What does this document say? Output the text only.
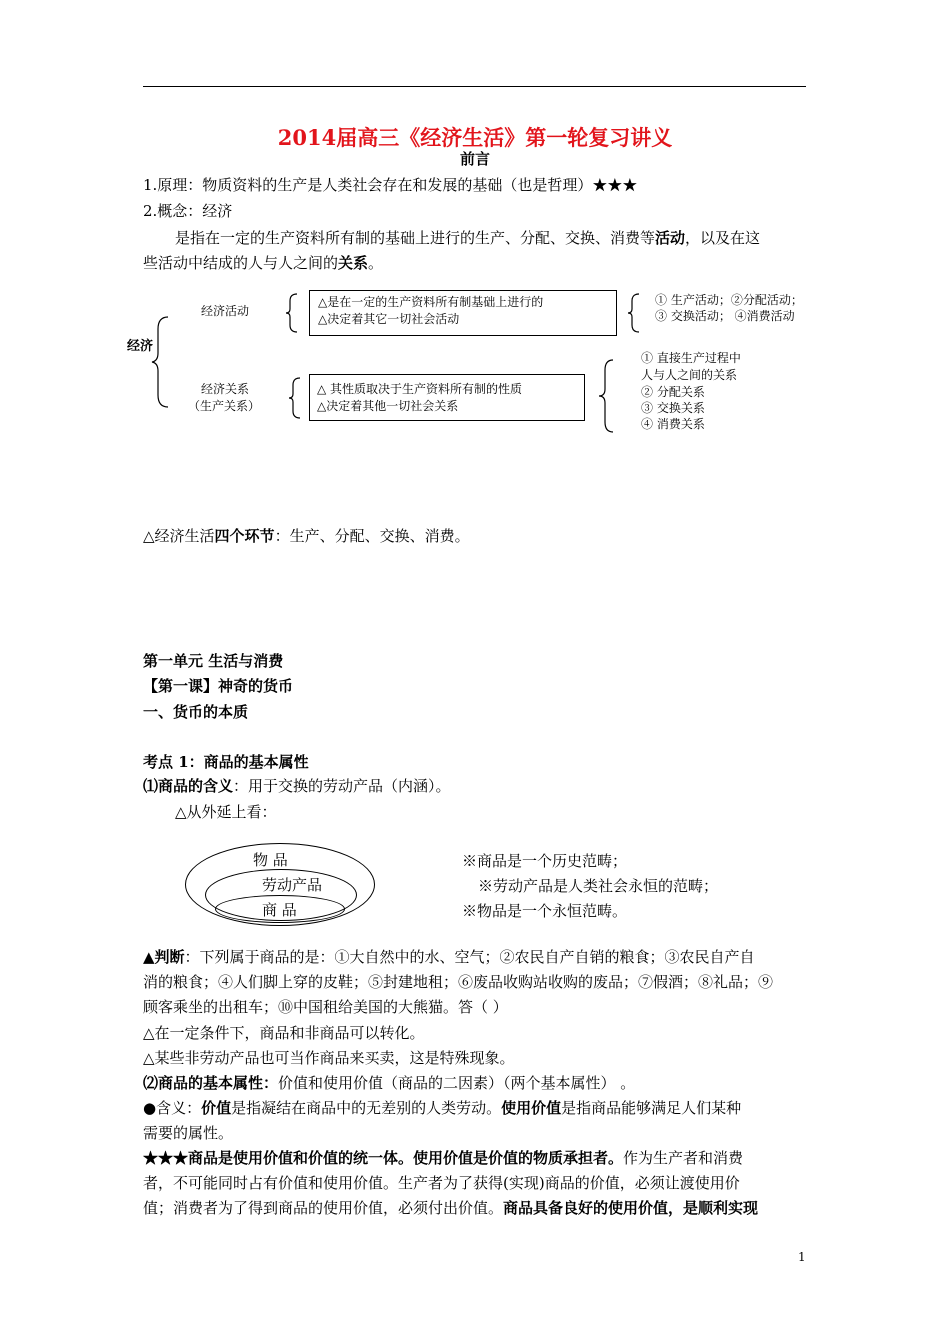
2014届高三《经济生活》第一轮复习讲义
前言
1.原理：物质资料的生产是人类社会存在和发展的基础（也是哲理）★★★
2.概念：经济
是指在一定的生产资料所有制的基础上进行的生产、分配、交换、消费等活动，以及在这
些活动中结成的人与人之间的关系。
经济
经济活动
△是在一定的生产资料所有制基础上进行的
△决定着其它一切社会活动
① 生产活动；②分配活动；
③ 交换活动； ④消费活动
经济关系
（生产关系）
△ 其性质取决于生产资料所有制的性质
△决定着其他一切社会关系
① 直接生产过程中
人与人之间的关系
② 分配关系
③ 交换关系
④ 消费关系
△经济生活四个环节：生产、分配、交换、消费。
第一单元 生活与消费
【第一课】神奇的货币
一、货币的本质
考点 1：商品的基本属性
⑴商品的含义：用于交换的劳动产品（内涵）。
△从外延上看：
物 品
劳动产品
商 品
※商品是一个历史范畴；
※劳动产品是人类社会永恒的范畴；
※物品是一个永恒范畴。
▲判断：下列属于商品的是：①大自然中的水、空气；②农民自产自销的粮食；③农民自产自
消的粮食；④人们脚上穿的皮鞋；⑤封建地租；⑥废品收购站收购的废品；⑦假酒；⑧礼品；⑨
顾客乘坐的出租车；⑩中国租给美国的大熊猫。答（ ）
△在一定条件下，商品和非商品可以转化。
△某些非劳动产品也可当作商品来买卖，这是特殊现象。
⑵商品的基本属性：价值和使用价值（商品的二因素）（两个基本属性） 。
●含义：价值是指凝结在商品中的无差别的人类劳动。使用价值是指商品能够满足人们某种
需要的属性。
★★★商品是使用价值和价值的统一体。使用价值是价值的物质承担者。作为生产者和消费
者，不可能同时占有价值和使用价值。生产者为了获得(实现)商品的价值，必须让渡使用价
值；消费者为了得到商品的使用价值，必须付出价值。商品具备良好的使用价值，是顺利实现
1
